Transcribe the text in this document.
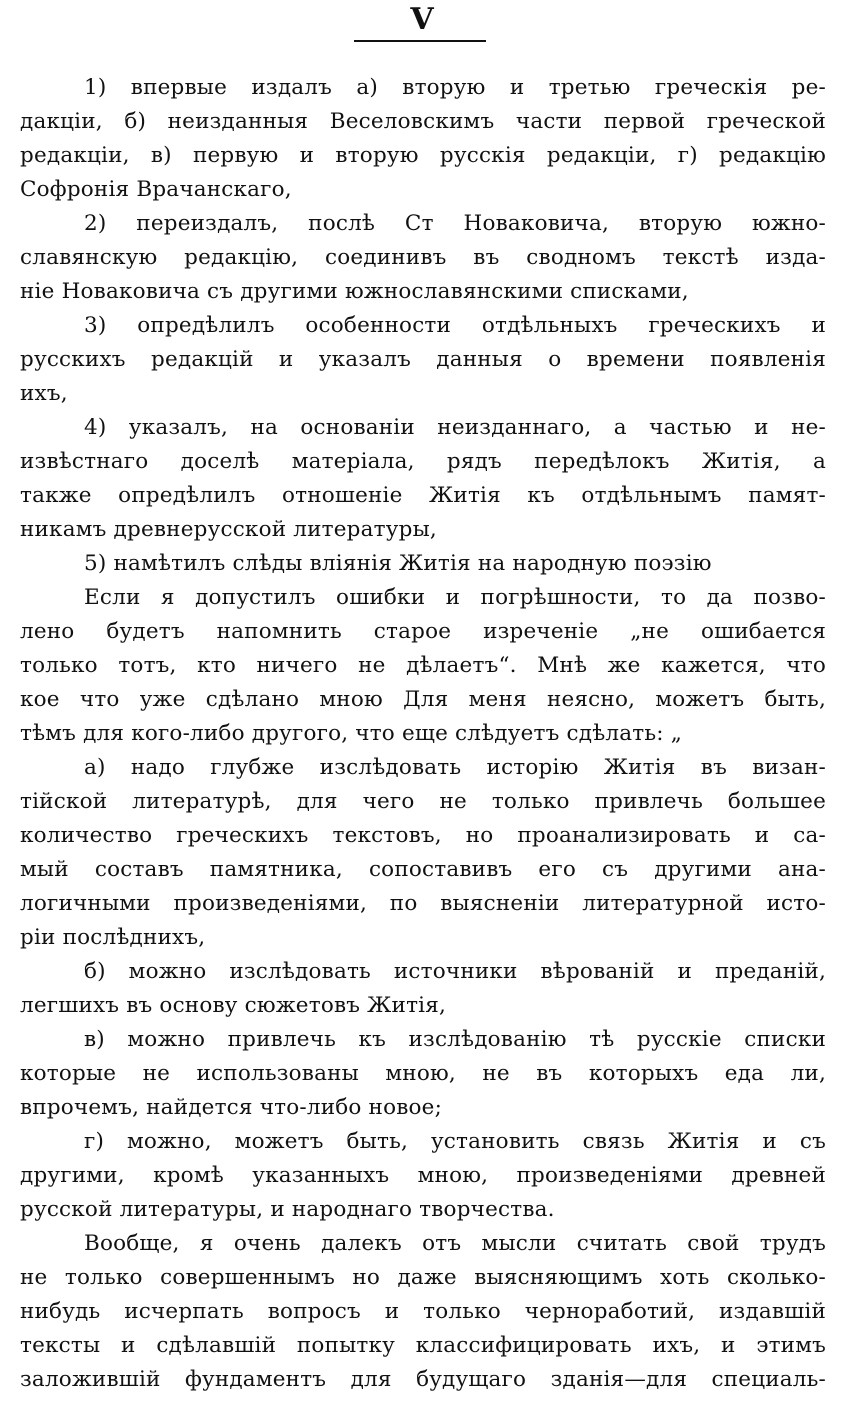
V
1) впервые издалъ а) вторую и третью греческія ре-
дакціи, б) неизданныя Веселовскимъ части первой греческой
редакціи, в) первую и вторую русскія редакціи, г) редакцію
Софронія Врачанскаго,
2) переиздалъ, послѣ Ст Новаковича, вторую южно-
славянскую редакцію, соединивъ въ сводномъ текстѣ изда-
ніе Новаковича съ другими южнославянскими списками,
3) опредѣлилъ особенности отдѣльныхъ греческихъ и
русскихъ редакцій и указалъ данныя о времени появленія
ихъ,
4) указалъ, на основаніи неизданнаго, а частью и не-
извѣстнаго доселѣ матеріала, рядъ передѣлокъ Житія, а
также опредѣлилъ отношеніе Житія къ отдѣльнымъ памят-
никамъ древнерусской литературы,
5) намѣтилъ слѣды вліянія Житія на народную поэзію
Если я допустилъ ошибки и погрѣшности, то да позво-
лено будетъ напомнить старое изреченіе „не ошибается
только тотъ, кто ничего не дѣлаетъ“. Мнѣ же кажется, что
кое что уже сдѣлано мною Для меня неясно, можетъ быть,
тѣмъ для кого-либо другого, что еще слѣдуетъ сдѣлать: „
а) надо глубже изслѣдовать исторію Житія въ визан-
тійской литературѣ, для чего не только привлечь большее
количество греческихъ текстовъ, но проанализировать и са-
мый составъ памятника, сопоставивъ его съ другими ана-
логичными произведеніями, по выясненіи литературной исто-
ріи послѣднихъ,
б) можно изслѣдовать источники вѣрованій и преданій,
легшихъ въ основу сюжетовъ Житія,
в) можно привлечь къ изслѣдованію тѣ русскіе списки
которые не использованы мною, не въ которыхъ еда ли,
впрочемъ, найдется что-либо новое;
г) можно, можетъ быть, установить связь Житія и съ
другими, кромѣ указанныхъ мною, произведеніями древней
русской литературы, и народнаго творчества.
Вообще, я очень далекъ отъ мысли считать свой трудъ
не только совершеннымъ но даже выясняющимъ хоть сколько-
нибудь исчерпать вопросъ и только черноработий, издавшій
тексты и сдѣлавшій попытку классифицировать ихъ, и этимъ
заложившій фундаментъ для будущаго зданія—для специаль-
